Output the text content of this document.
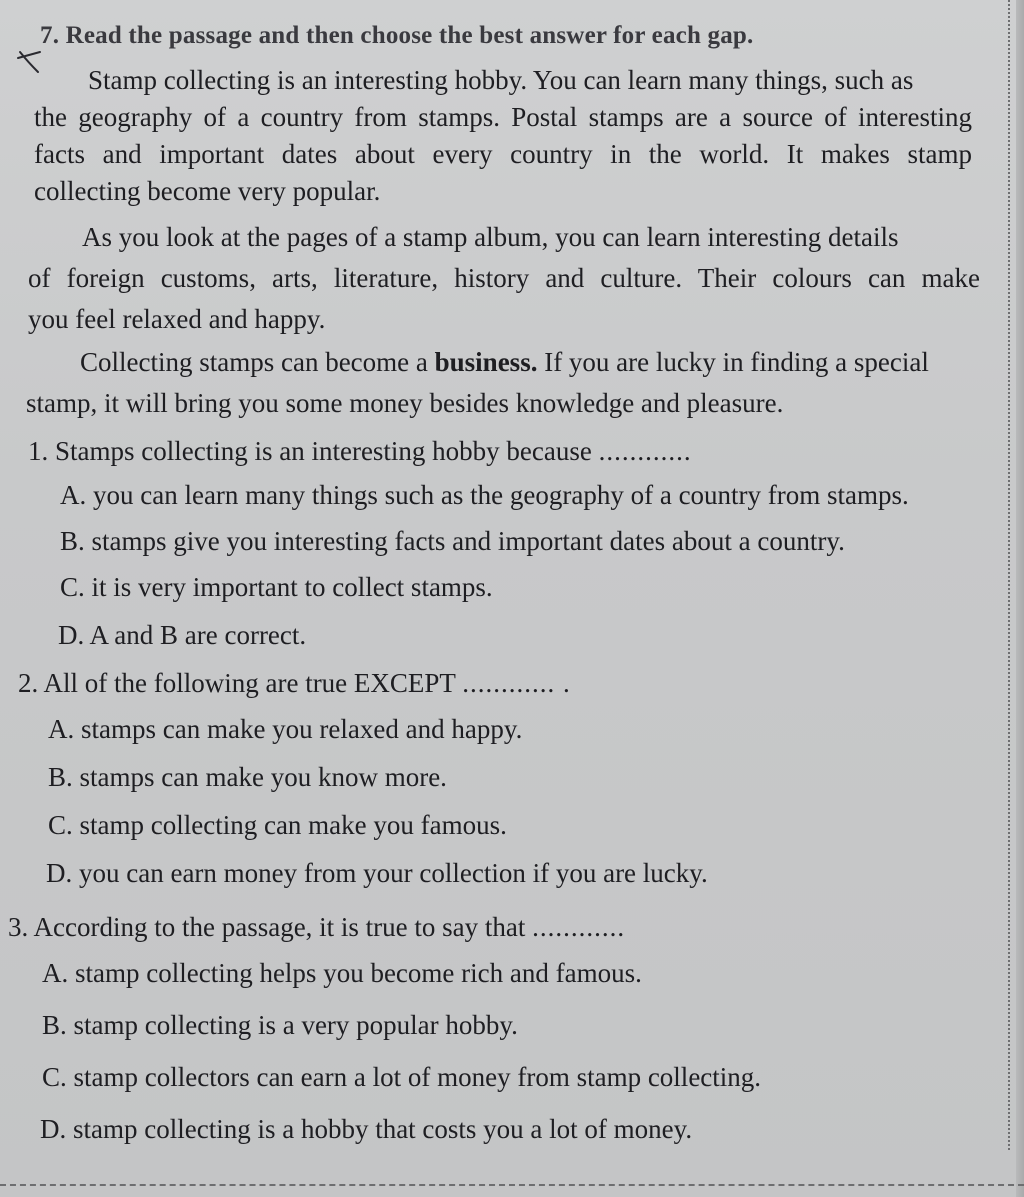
7. Read the passage and then choose the best answer for each gap.
Stamp collecting is an interesting hobby. You can learn many things, such as
the geography of a country from stamps. Postal stamps are a source of interesting
facts and important dates about every country in the world. It makes stamp
collecting become very popular.
As you look at the pages of a stamp album, you can learn interesting details
of foreign customs, arts, literature, history and culture. Their colours can make
you feel relaxed and happy.
Collecting stamps can become a business. If you are lucky in finding a special
stamp, it will bring you some money besides knowledge and pleasure.
1. Stamps collecting is an interesting hobby because ............
A. you can learn many things such as the geography of a country from stamps.
B. stamps give you interesting facts and important dates about a country.
C. it is very important to collect stamps.
D. A and B are correct.
2. All of the following are true EXCEPT ............ .
A. stamps can make you relaxed and happy.
B. stamps can make you know more.
C. stamp collecting can make you famous.
D. you can earn money from your collection if you are lucky.
3. According to the passage, it is true to say that ............
A. stamp collecting helps you become rich and famous.
B. stamp collecting is a very popular hobby.
C. stamp collectors can earn a lot of money from stamp collecting.
D. stamp collecting is a hobby that costs you a lot of money.
